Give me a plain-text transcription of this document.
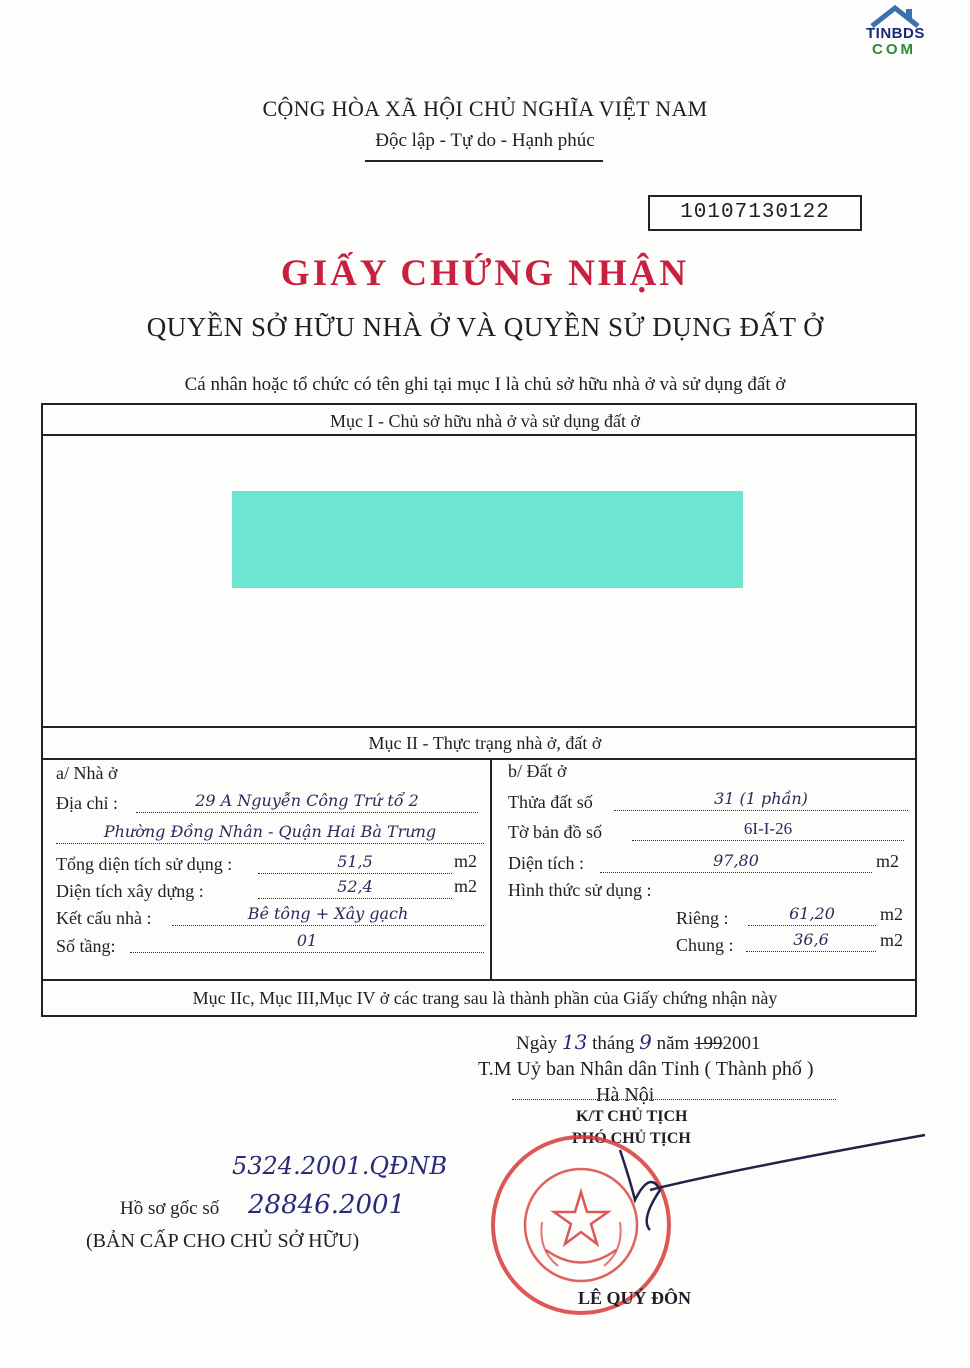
TINBDS
COM
CỘNG HÒA XÃ HỘI CHỦ NGHĨA VIỆT NAM
Độc lập - Tự do - Hạnh phúc
10107130122
GIẤY CHỨNG NHẬN
QUYỀN SỞ HỮU NHÀ Ở VÀ QUYỀN SỬ DỤNG ĐẤT Ở
Cá nhân hoặc tổ chức có tên ghi tại mục I là chủ sở hữu nhà ở và sử dụng đất ở
Mục I - Chủ sở hữu nhà ở và sử dụng đất ở
Mục II - Thực trạng nhà ở, đất ở
a/ Nhà ở
Địa chỉ :	29 A Nguyễn Công Trứ tổ 2
Phường Đồng Nhân - Quận Hai Bà Trưng
Tổng diện tích sử dụng :	51,5	m2
Diện tích xây dựng :	52,4	m2
Kết cấu nhà :	Bê tông + Xây gạch
Số tầng:	01
b/ Đất ở
Thửa đất số	31 (1 phần)
Tờ bản đồ số	6I-I-26
Diện tích :	97,80	m2
Hình thức sử dụng :
Riêng :	61,20	m2
Chung :	36,6	m2
Mục IIc, Mục III,Mục IV ở các trang sau là thành phần của Giấy chứng nhận này
Ngày 13 tháng 9 năm 1992001
T.M Uỷ ban Nhân dân Tỉnh ( Thành phố )
Hà Nội
K/T CHỦ TỊCH
PHÓ CHỦ TỊCH
LÊ QUÝ ĐÔN
5324.2001.QĐNB
Hồ sơ gốc số 28846.2001
(BẢN CẤP CHO CHỦ SỞ HỮU)
